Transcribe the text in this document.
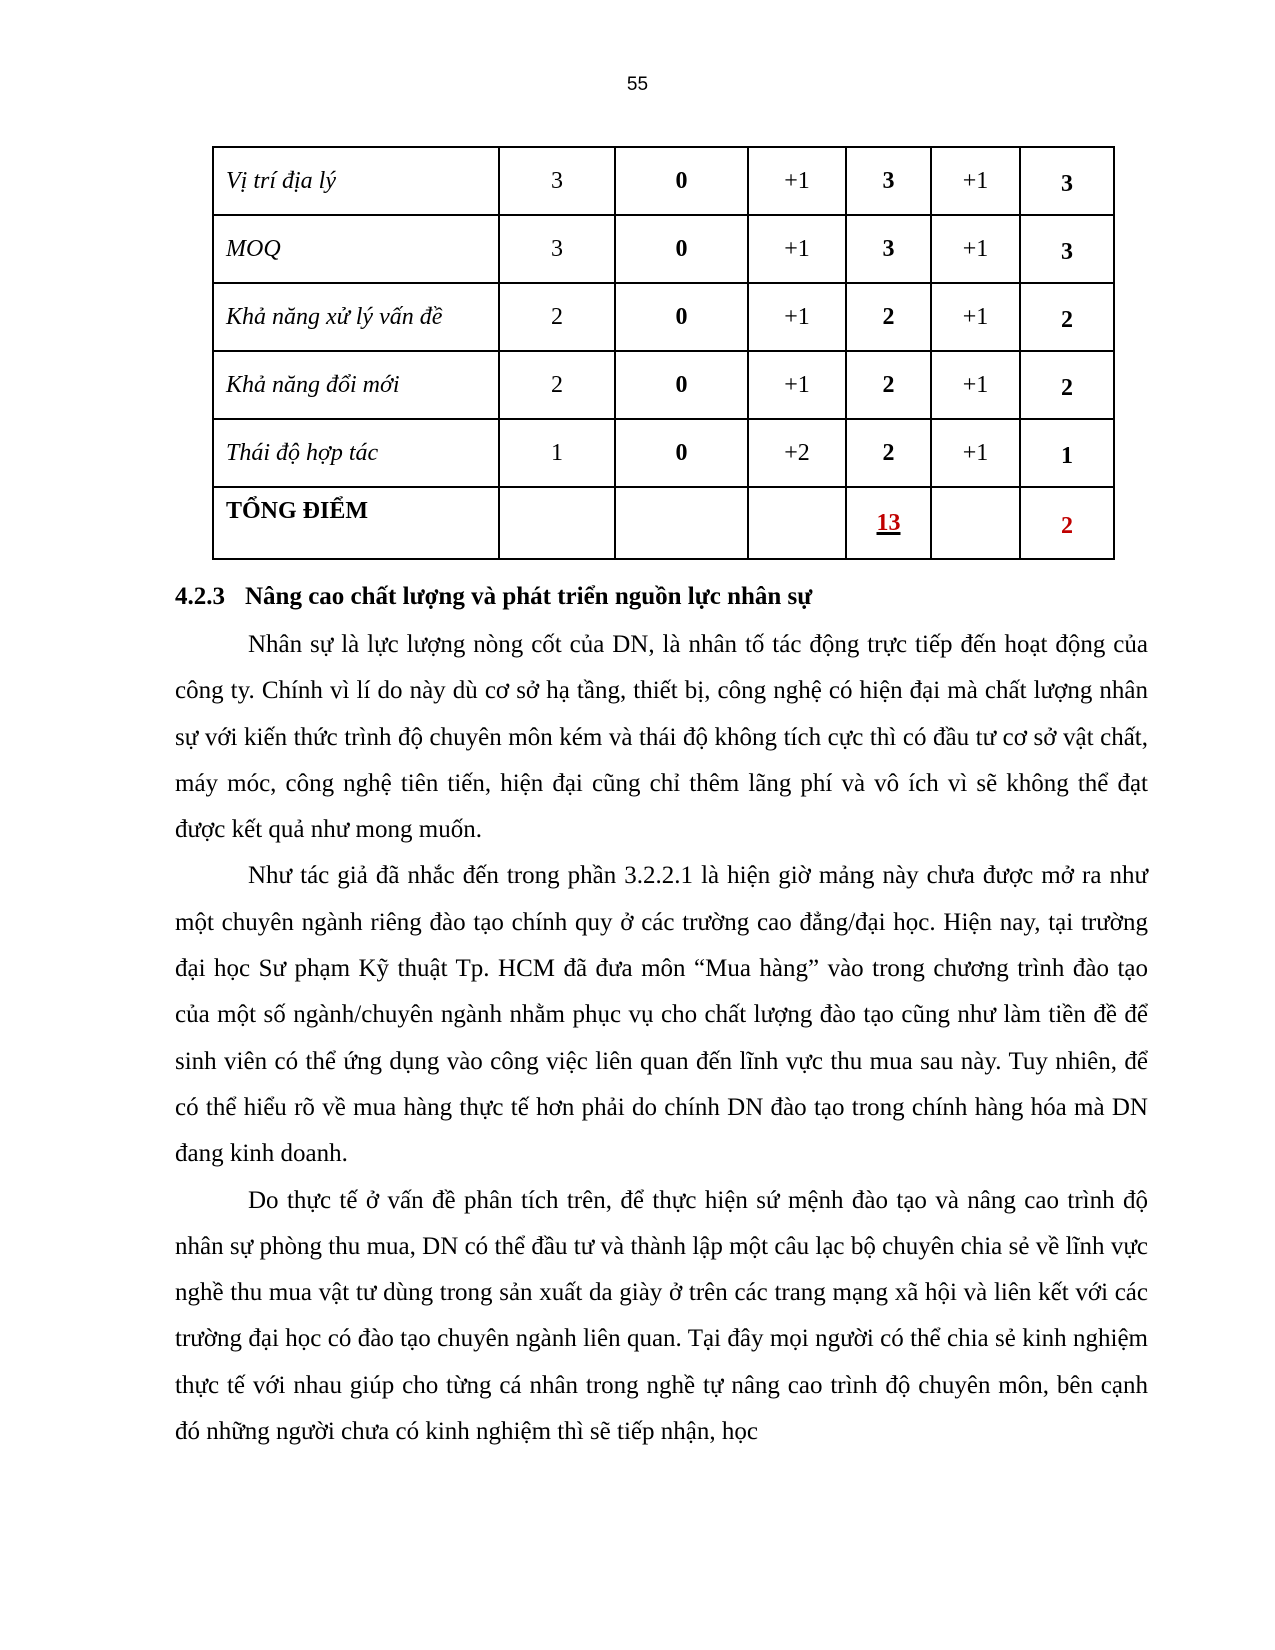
55
Vị trí địa lý	3	0	+1	3	+1	3
MOQ	3	0	+1	3	+1	3
Khả năng xử lý vấn đề	2	0	+1	2	+1	2
Khả năng đổi mới	2	0	+1	2	+1	2
Thái độ hợp tác	1	0	+2	2	+1	1
TỔNG ĐIỂM				13		2
4.2.3 Nâng cao chất lượng và phát triển nguồn lực nhân sự

Nhân sự là lực lượng nòng cốt của DN, là nhân tố tác động trực tiếp đến hoạt động của công ty. Chính vì lí do này dù cơ sở hạ tầng, thiết bị, công nghệ có hiện đại mà chất lượng nhân sự với kiến thức trình độ chuyên môn kém và thái độ không tích cực thì có đầu tư cơ sở vật chất, máy móc, công nghệ tiên tiến, hiện đại cũng chỉ thêm lãng phí và vô ích vì sẽ không thể đạt được kết quả như mong muốn.

Như tác giả đã nhắc đến trong phần 3.2.2.1 là hiện giờ mảng này chưa được mở ra như một chuyên ngành riêng đào tạo chính quy ở các trường cao đẳng/đại học. Hiện nay, tại trường đại học Sư phạm Kỹ thuật Tp. HCM đã đưa môn “Mua hàng” vào trong chương trình đào tạo của một số ngành/chuyên ngành nhằm phục vụ cho chất lượng đào tạo cũng như làm tiền đề để sinh viên có thể ứng dụng vào công việc liên quan đến lĩnh vực thu mua sau này. Tuy nhiên, để có thể hiểu rõ về mua hàng thực tế hơn phải do chính DN đào tạo trong chính hàng hóa mà DN đang kinh doanh.

Do thực tế ở vấn đề phân tích trên, để thực hiện sứ mệnh đào tạo và nâng cao trình độ nhân sự phòng thu mua, DN có thể đầu tư và thành lập một câu lạc bộ chuyên chia sẻ về lĩnh vực nghề thu mua vật tư dùng trong sản xuất da giày ở trên các trang mạng xã hội và liên kết với các trường đại học có đào tạo chuyên ngành liên quan. Tại đây mọi người có thể chia sẻ kinh nghiệm thực tế với nhau giúp cho từng cá nhân trong nghề tự nâng cao trình độ chuyên môn, bên cạnh đó những người chưa có kinh nghiệm thì sẽ tiếp nhận, học
